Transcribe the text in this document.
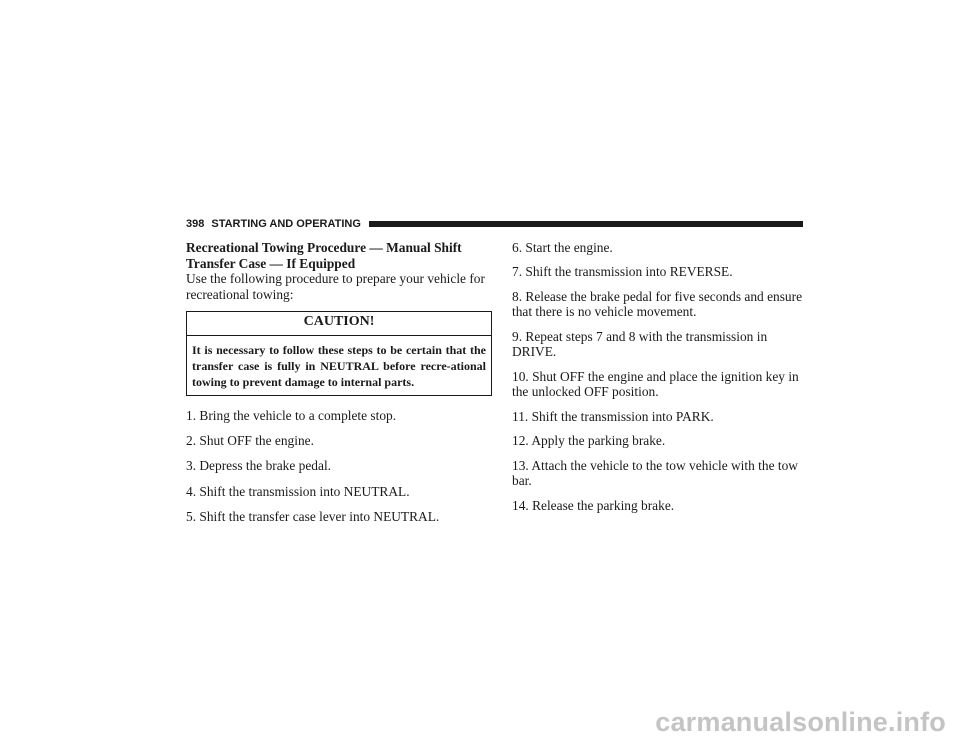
398 STARTING AND OPERATING
Recreational Towing Procedure — Manual Shift
Transfer Case — If Equipped

Use the following procedure to prepare your vehicle for recreational towing:

CAUTION!
It is necessary to follow these steps to be certain that the transfer case is fully in NEUTRAL before recre-ational towing to prevent damage to internal parts.
1. Bring the vehicle to a complete stop.
2. Shut OFF the engine.
3. Depress the brake pedal.
4. Shift the transmission into NEUTRAL.
5. Shift the transfer case lever into NEUTRAL.
6. Start the engine.
7. Shift the transmission into REVERSE.
8. Release the brake pedal for five seconds and ensure that there is no vehicle movement.
9. Repeat steps 7 and 8 with the transmission in DRIVE.
10. Shut OFF the engine and place the ignition key in the unlocked OFF position.
11. Shift the transmission into PARK.
12. Apply the parking brake.
13. Attach the vehicle to the tow vehicle with the tow bar.
14. Release the parking brake.
carmanualsonline.info
